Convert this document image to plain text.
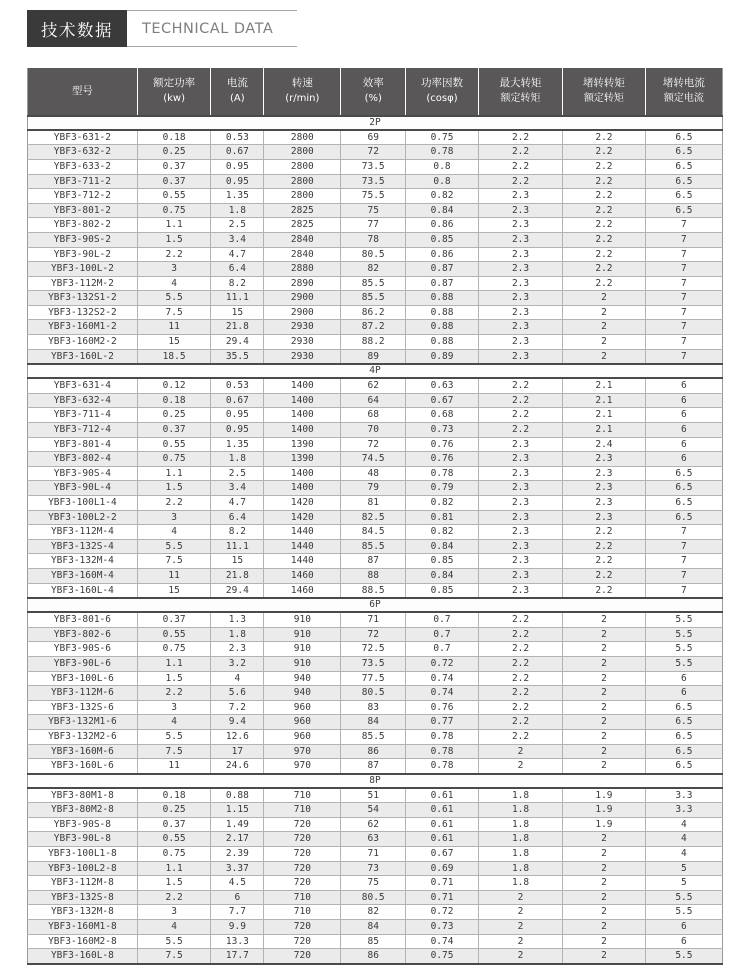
技术数据	TECHNICAL DATA
型号

额定功率
(kw)

电流
(A)

转速
(r/min)

效率
(%)

功率因数
(cosφ)

最大转矩
额定转矩

堵转转矩
额定转矩

堵转电流
额定电流

2P								
YBF3-631-2	0.18	0.53	2800	69	0.75	2.2	2.2	6.5
YBF3-632-2	0.25	0.67	2800	72	0.78	2.2	2.2	6.5
YBF3-633-2	0.37	0.95	2800	73.5	0.8	2.2	2.2	6.5
YBF3-711-2	0.37	0.95	2800	73.5	0.8	2.2	2.2	6.5
YBF3-712-2	0.55	1.35	2800	75.5	0.82	2.3	2.2	6.5
YBF3-801-2	0.75	1.8	2825	75	0.84	2.3	2.2	6.5
YBF3-802-2	1.1	2.5	2825	77	0.86	2.3	2.2	7
YBF3-90S-2	1.5	3.4	2840	78	0.85	2.3	2.2	7
YBF3-90L-2	2.2	4.7	2840	80.5	0.86	2.3	2.2	7
YBF3-100L-2	3	6.4	2880	82	0.87	2.3	2.2	7
YBF3-112M-2	4	8.2	2890	85.5	0.87	2.3	2.2	7
YBF3-132S1-2	5.5	11.1	2900	85.5	0.88	2.3	2	7
YBF3-132S2-2	7.5	15	2900	86.2	0.88	2.3	2	7
YBF3-160M1-2	11	21.8	2930	87.2	0.88	2.3	2	7
YBF3-160M2-2	15	29.4	2930	88.2	0.88	2.3	2	7
YBF3-160L-2	18.5	35.5	2930	89	0.89	2.3	2	7
4P								
YBF3-631-4	0.12	0.53	1400	62	0.63	2.2	2.1	6
YBF3-632-4	0.18	0.67	1400	64	0.67	2.2	2.1	6
YBF3-711-4	0.25	0.95	1400	68	0.68	2.2	2.1	6
YBF3-712-4	0.37	0.95	1400	70	0.73	2.2	2.1	6
YBF3-801-4	0.55	1.35	1390	72	0.76	2.3	2.4	6
YBF3-802-4	0.75	1.8	1390	74.5	0.76	2.3	2.3	6
YBF3-90S-4	1.1	2.5	1400	48	0.78	2.3	2.3	6.5
YBF3-90L-4	1.5	3.4	1400	79	0.79	2.3	2.3	6.5
YBF3-100L1-4	2.2	4.7	1420	81	0.82	2.3	2.3	6.5
YBF3-100L2-2	3	6.4	1420	82.5	0.81	2.3	2.3	6.5
YBF3-112M-4	4	8.2	1440	84.5	0.82	2.3	2.2	7
YBF3-132S-4	5.5	11.1	1440	85.5	0.84	2.3	2.2	7
YBF3-132M-4	7.5	15	1440	87	0.85	2.3	2.2	7
YBF3-160M-4	11	21.8	1460	88	0.84	2.3	2.2	7
YBF3-160L-4	15	29.4	1460	88.5	0.85	2.3	2.2	7
6P								
YBF3-801-6	0.37	1.3	910	71	0.7	2.2	2	5.5
YBF3-802-6	0.55	1.8	910	72	0.7	2.2	2	5.5
YBF3-90S-6	0.75	2.3	910	72.5	0.7	2.2	2	5.5
YBF3-90L-6	1.1	3.2	910	73.5	0.72	2.2	2	5.5
YBF3-100L-6	1.5	4	940	77.5	0.74	2.2	2	6
YBF3-112M-6	2.2	5.6	940	80.5	0.74	2.2	2	6
YBF3-132S-6	3	7.2	960	83	0.76	2.2	2	6.5
YBF3-132M1-6	4	9.4	960	84	0.77	2.2	2	6.5
YBF3-132M2-6	5.5	12.6	960	85.5	0.78	2.2	2	6.5
YBF3-160M-6	7.5	17	970	86	0.78	2	2	6.5
YBF3-160L-6	11	24.6	970	87	0.78	2	2	6.5
8P								
YBF3-80M1-8	0.18	0.88	710	51	0.61	1.8	1.9	3.3
YBF3-80M2-8	0.25	1.15	710	54	0.61	1.8	1.9	3.3
YBF3-90S-8	0.37	1.49	720	62	0.61	1.8	1.9	4
YBF3-90L-8	0.55	2.17	720	63	0.61	1.8	2	4
YBF3-100L1-8	0.75	2.39	720	71	0.67	1.8	2	4
YBF3-100L2-8	1.1	3.37	720	73	0.69	1.8	2	5
YBF3-112M-8	1.5	4.5	720	75	0.71	1.8	2	5
YBF3-132S-8	2.2	6	710	80.5	0.71	2	2	5.5
YBF3-132M-8	3	7.7	710	82	0.72	2	2	5.5
YBF3-160M1-8	4	9.9	720	84	0.73	2	2	6
YBF3-160M2-8	5.5	13.3	720	85	0.74	2	2	6
YBF3-160L-8	7.5	17.7	720	86	0.75	2	2	5.5
